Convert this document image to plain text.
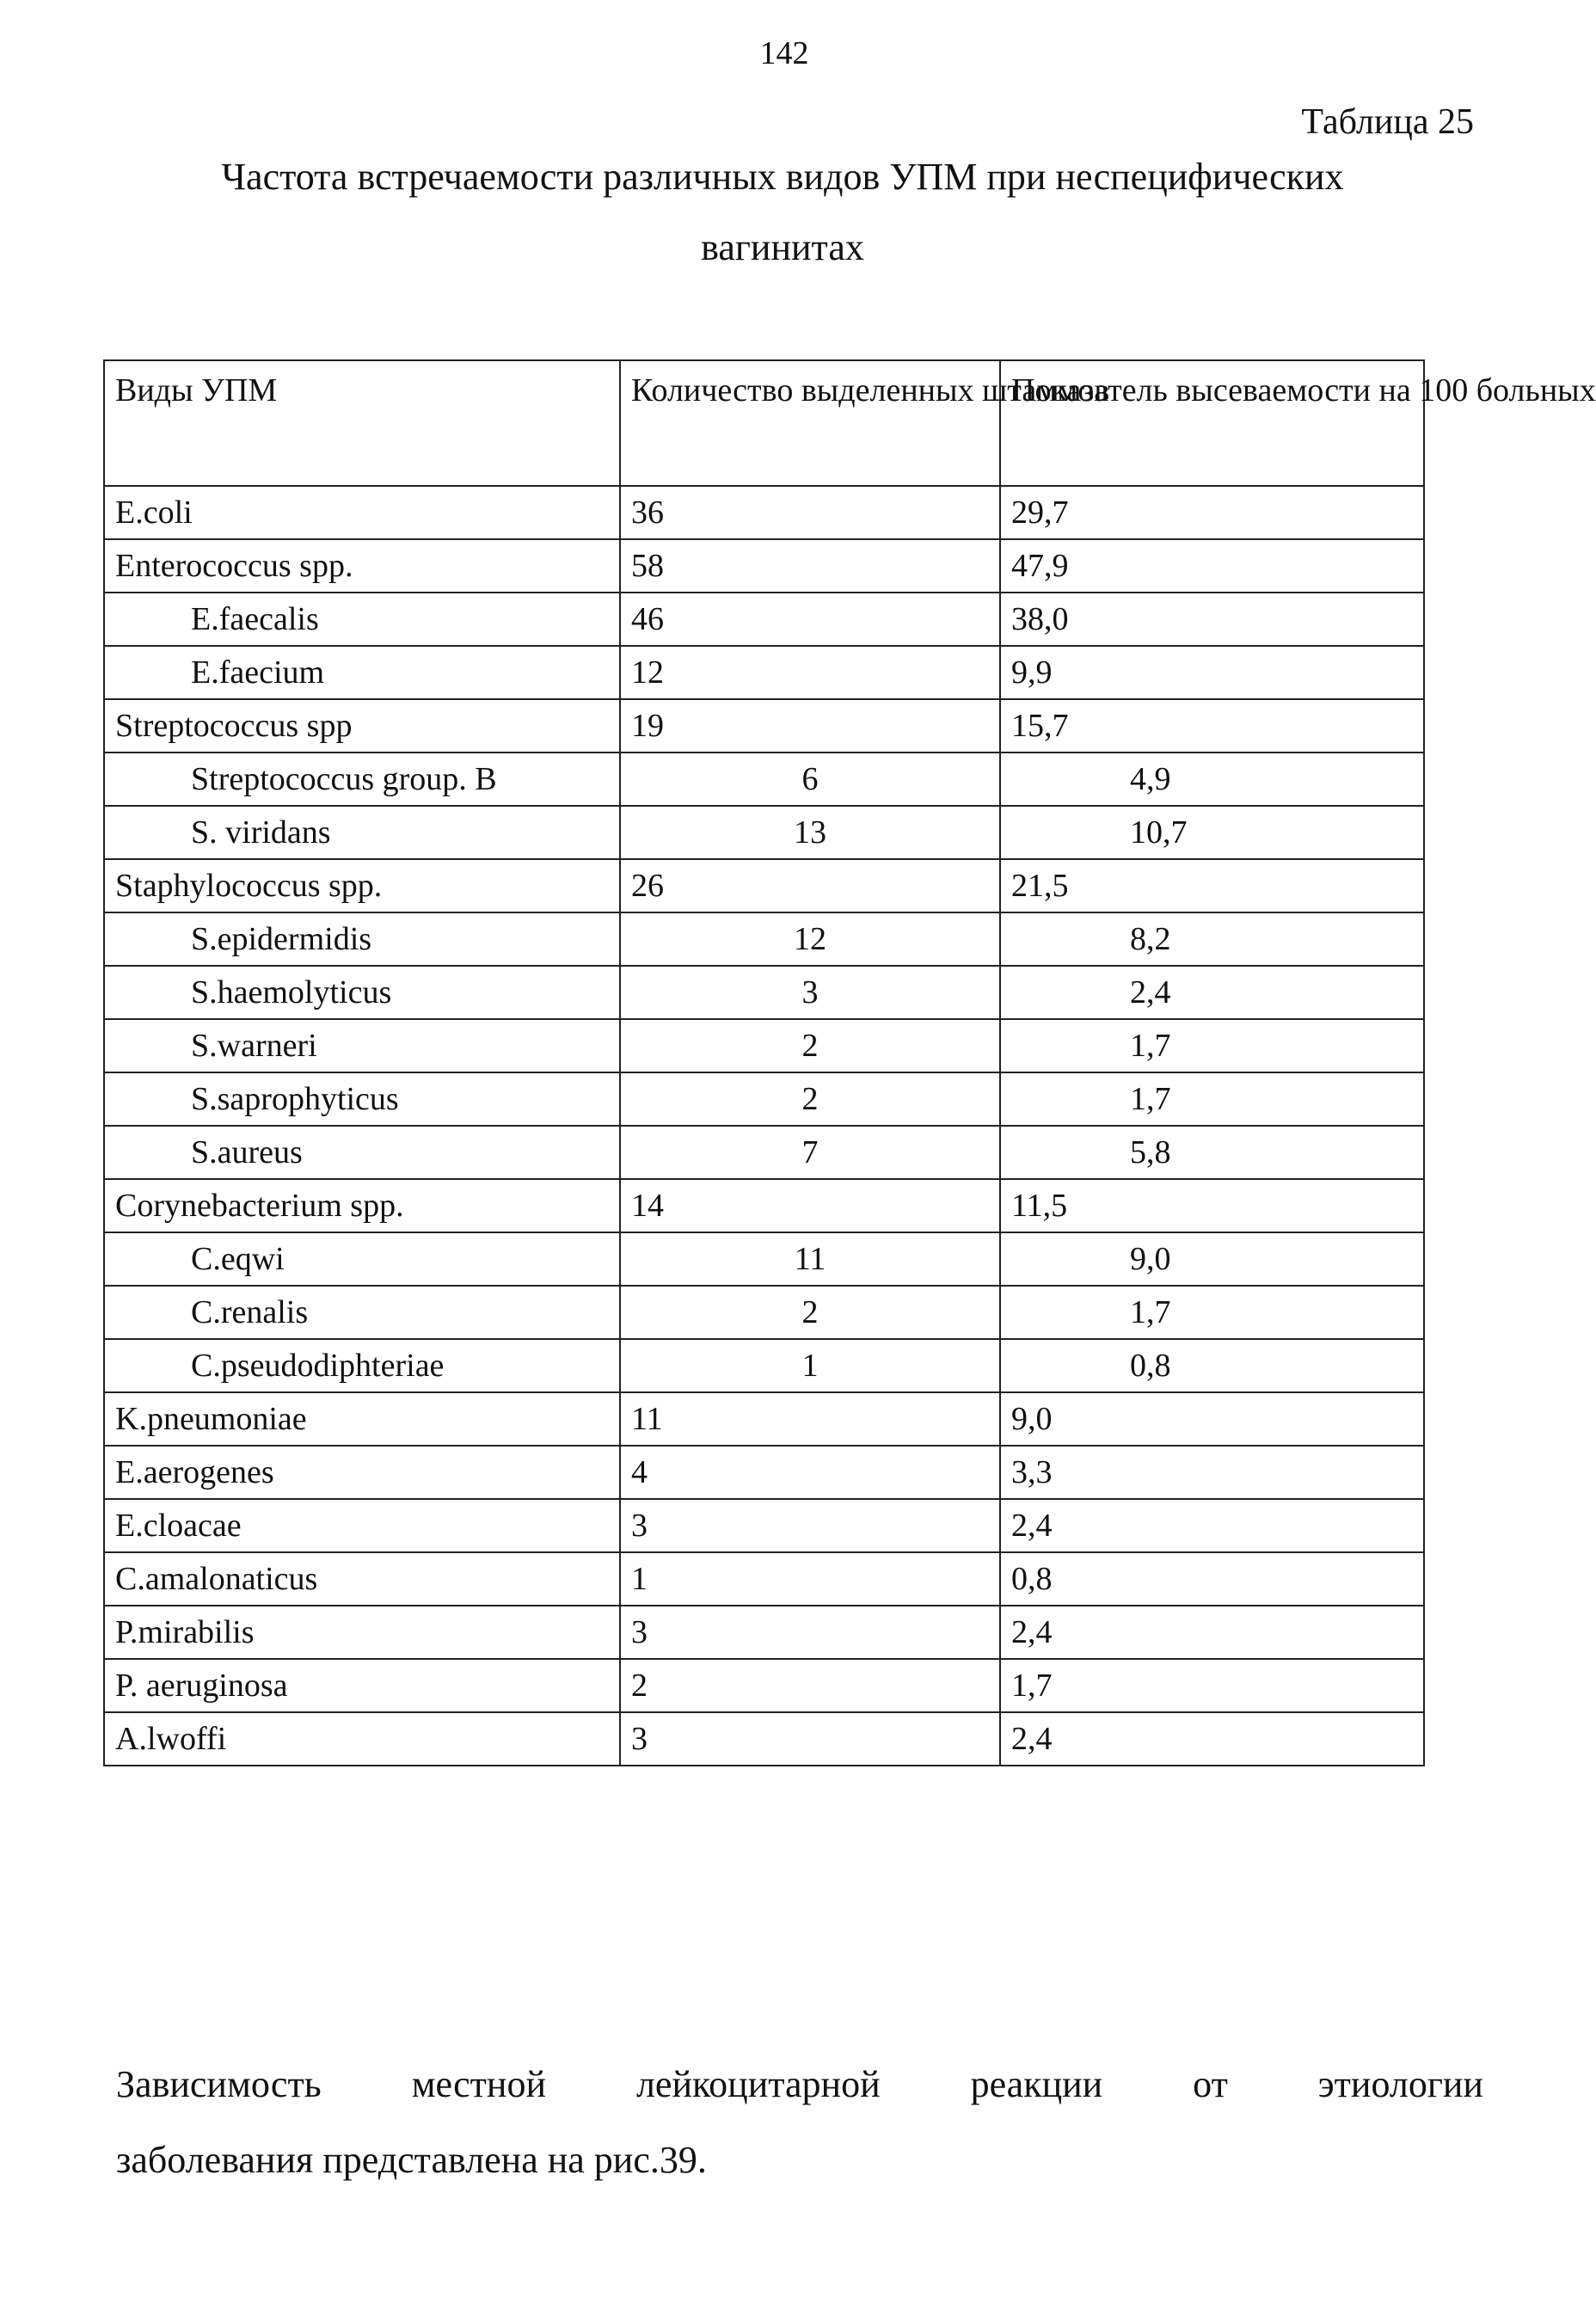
142
Таблица 25
Частота встречаемости различных видов УПМ при неспецифических вагинитах
Виды УПМ	Количество выделенных штаммов	Показатель высеваемости на 100 больных
E.coli	36	29,7
Enterococcus spp.	58	47,9
E.faecalis	46	38,0
E.faecium	12	9,9
Streptococcus spp	19	15,7
Streptococcus group. B	6	4,9
S. viridans	13	10,7
Staphylococcus spp.	26	21,5
S.epidermidis	12	8,2
S.haemolyticus	3	2,4
S.warneri	2	1,7
S.saprophyticus	2	1,7
S.aureus	7	5,8
Corynebacterium spp.	14	11,5
C.eqwi	11	9,0
C.renalis	2	1,7
C.pseudodiphteriae	1	0,8
K.pneumoniae	11	9,0
E.aerogenes	4	3,3
E.cloacae	3	2,4
C.amalonaticus	1	0,8
P.mirabilis	3	2,4
P. aeruginosa	2	1,7
A.lwoffi	3	2,4
Зависимость местной лейкоцитарной реакции от этиологии
заболевания представлена на рис.39.
